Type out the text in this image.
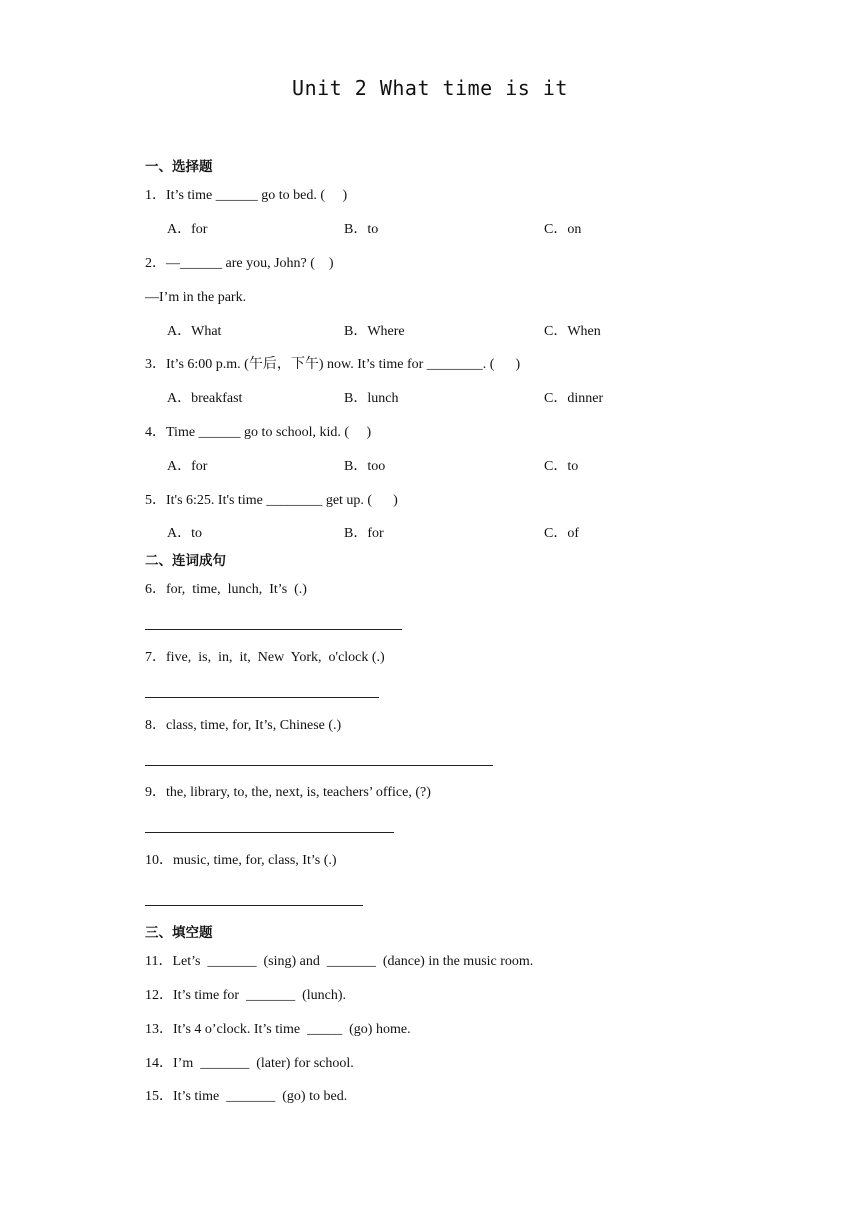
Unit 2 What time is it
一、选择题
1．It’s time ______ go to bed. (     )
A．for	B．to	C．on
2．—______ are you, John? (    )
—I’m in the park.
A．What	B．Where	C．When
3．It’s 6:00 p.m. (午后，下午) now. It’s time for ________. (      )
A．breakfast	B．lunch	C．dinner
4．Time ______ go to school, kid. (     )
A．for	B．too	C．to
5．It's 6:25. It's time ________ get up. (      )
A．to	B．for	C．of
二、连词成句
6．for,  time,  lunch,  It’s  (.)
7．five,  is,  in,  it,  New  York,  o'clock (.)
8．class, time, for, It’s, Chinese (.)
9．the, library, to, the, next, is, teachers’ office, (?)
10．music, time, for, class, It’s (.)
三、填空题
11．Let’s  _______  (sing) and  _______  (dance) in the music room.
12．It’s time for  _______  (lunch).
13．It’s 4 o’clock. It’s time  _____  (go) home.
14．I’m  _______  (later) for school.
15．It’s time  _______  (go) to bed.
